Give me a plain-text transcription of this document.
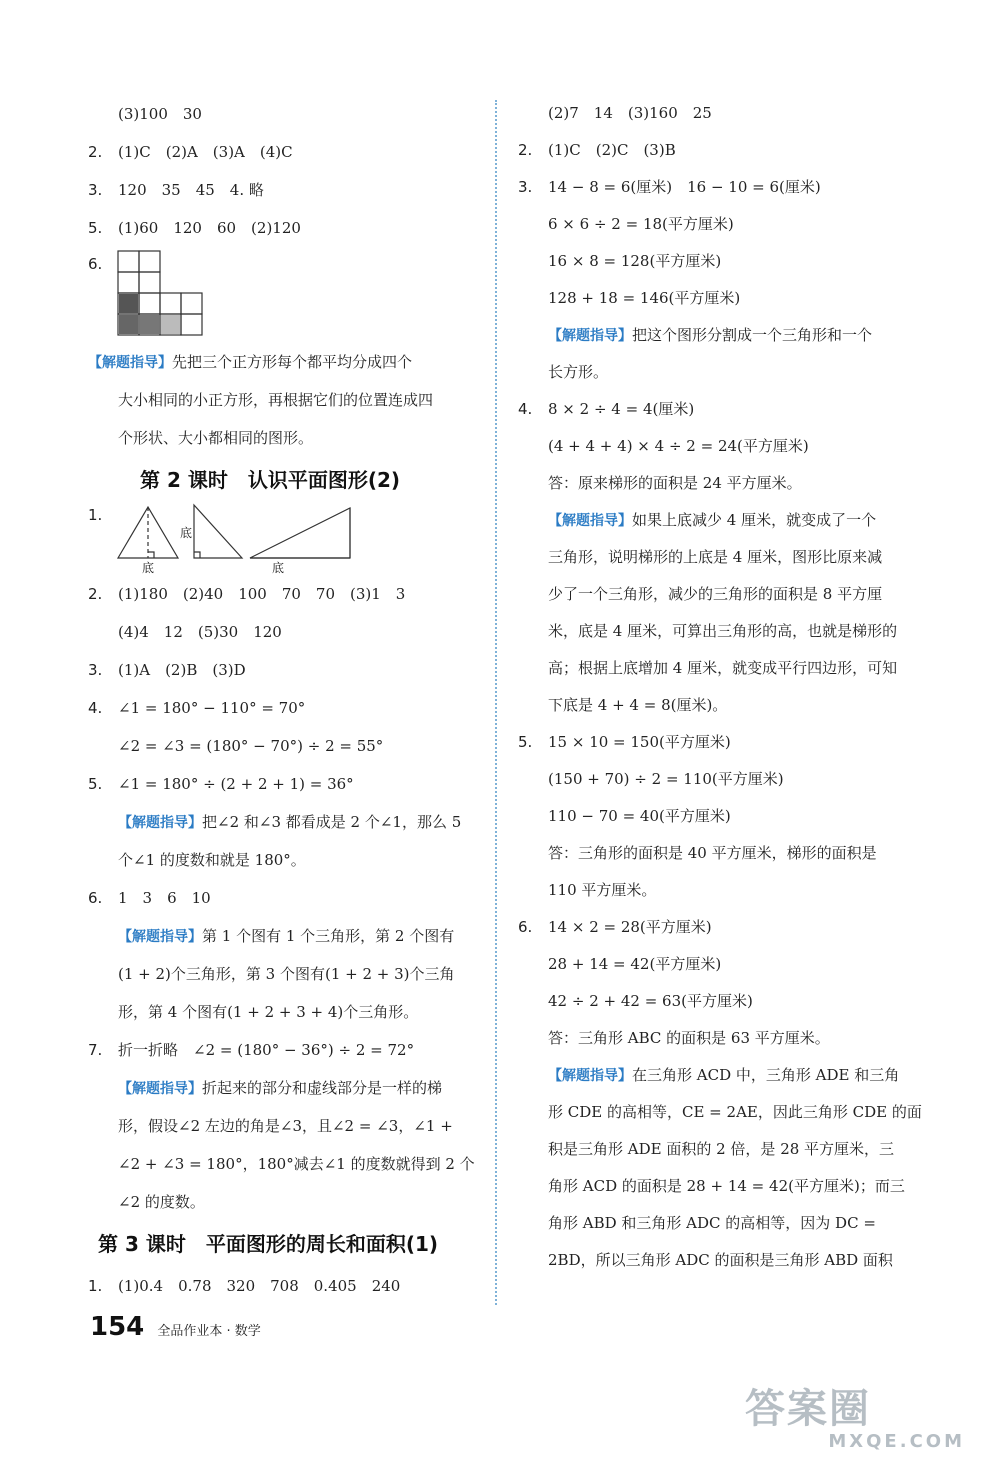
(3)100　30
2. (1)C　(2)A　(3)A　(4)C
3. 120　35　45　4. 略
5. (1)60　120　60　(2)120
6.
【解题指导】先把三个正方形每个都平均分成四个
大小相同的小正方形，再根据它们的位置连成四
个形状、大小都相同的图形。
第 2 课时　认识平面图形(2)
1.
底
底
底
2. (1)180　(2)40　100　70　70　(3)1　3
(4)4　12　(5)30　120
3. (1)A　(2)B　(3)D
4. ∠1 = 180° − 110° = 70°
∠2 = ∠3 = (180° − 70°) ÷ 2 = 55°
5. ∠1 = 180° ÷ (2 + 2 + 1) = 36°
【解题指导】把∠2 和∠3 都看成是 2 个∠1，那么 5
个∠1 的度数和就是 180°。
6. 1　3　6　10
【解题指导】第 1 个图有 1 个三角形，第 2 个图有
(1 + 2)个三角形，第 3 个图有(1 + 2 + 3)个三角
形，第 4 个图有(1 + 2 + 3 + 4)个三角形。
7. 折一折略　∠2 = (180° − 36°) ÷ 2 = 72°
【解题指导】折起来的部分和虚线部分是一样的梯
形，假设∠2 左边的角是∠3，且∠2 = ∠3，∠1 +
∠2 + ∠3 = 180°，180°减去∠1 的度数就得到 2 个
∠2 的度数。
第 3 课时　平面图形的周长和面积(1)
1. (1)0.4　0.78　320　708　0.405　240
(2)7　14　(3)160　25
2. (1)C　(2)C　(3)B
3. 14 − 8 = 6(厘米)　16 − 10 = 6(厘米)
6 × 6 ÷ 2 = 18(平方厘米)
16 × 8 = 128(平方厘米)
128 + 18 = 146(平方厘米)
【解题指导】把这个图形分割成一个三角形和一个
长方形。
4. 8 × 2 ÷ 4 = 4(厘米)
(4 + 4 + 4) × 4 ÷ 2 = 24(平方厘米)
答：原来梯形的面积是 24 平方厘米。
【解题指导】如果上底减少 4 厘米，就变成了一个
三角形，说明梯形的上底是 4 厘米，图形比原来减
少了一个三角形，减少的三角形的面积是 8 平方厘
米，底是 4 厘米，可算出三角形的高，也就是梯形的
高；根据上底增加 4 厘米，就变成平行四边形，可知
下底是 4 + 4 = 8(厘米)。
5. 15 × 10 = 150(平方厘米)
(150 + 70) ÷ 2 = 110(平方厘米)
110 − 70 = 40(平方厘米)
答：三角形的面积是 40 平方厘米，梯形的面积是
110 平方厘米。
6. 14 × 2 = 28(平方厘米)
28 + 14 = 42(平方厘米)
42 ÷ 2 + 42 = 63(平方厘米)
答：三角形 ABC 的面积是 63 平方厘米。
【解题指导】在三角形 ACD 中，三角形 ADE 和三角
形 CDE 的高相等，CE = 2AE，因此三角形 CDE 的面
积是三角形 ADE 面积的 2 倍，是 28 平方厘米，三
角形 ACD 的面积是 28 + 14 = 42(平方厘米)；而三
角形 ABD 和三角形 ADC 的高相等，因为 DC =
2BD，所以三角形 ADC 的面积是三角形 ABD 面积
154 全品作业本 · 数学
答案圈
MXQE.COM
